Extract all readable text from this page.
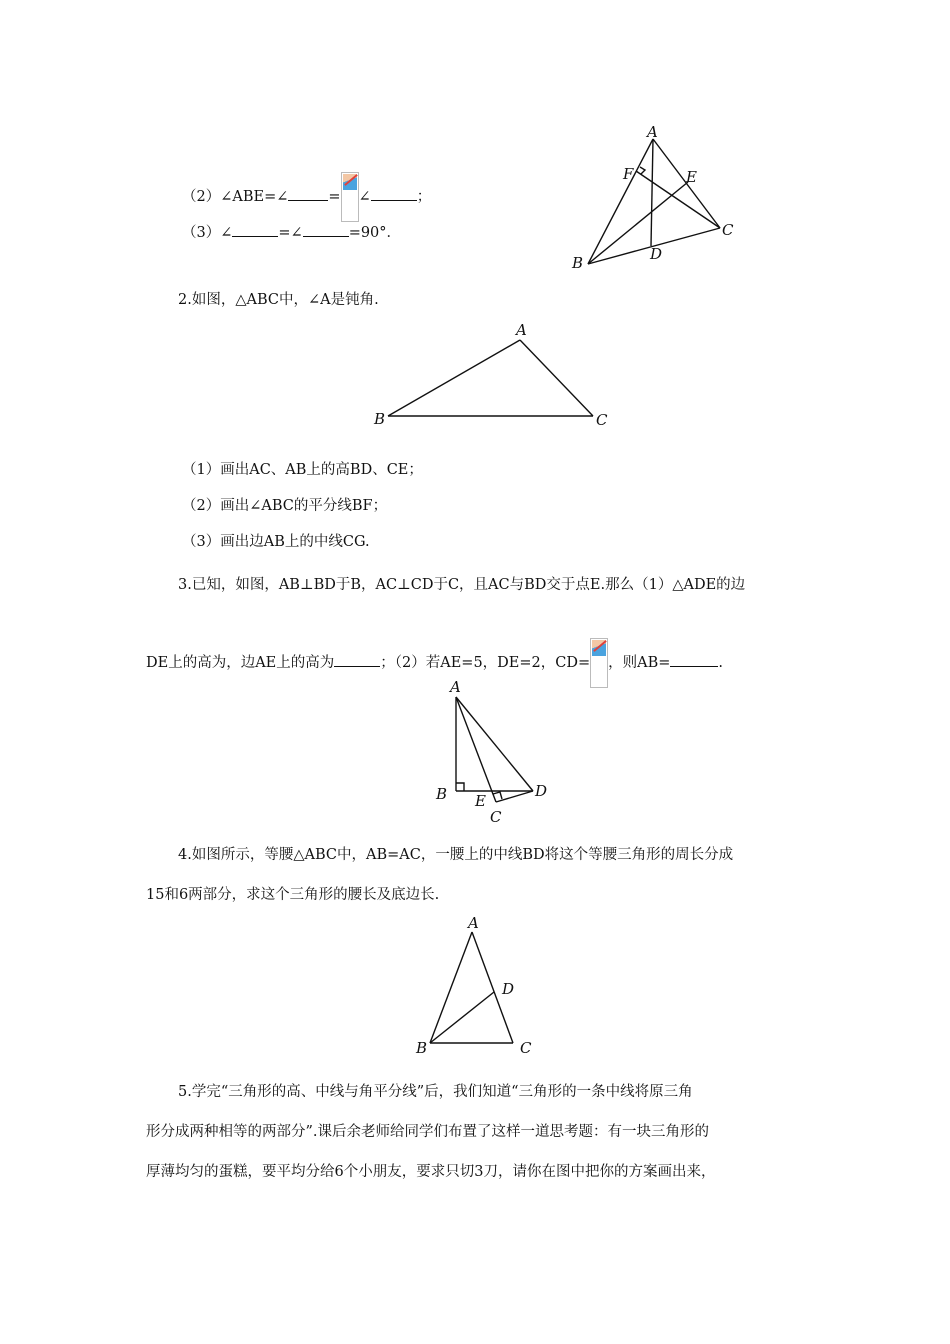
（2）∠ABE=∠	= ∠	；
（3）∠	=∠	=90°．
A
B
C
D
E
F
2.如图，△ABC中，∠A是钝角.
A
B	C
（1）画出AC、AB上的高BD、CE；
（2）画出∠ABC的平分线BF；
（3）画出边AB上的中线CG.
3.已知，如图，AB⊥BD于B，AC⊥CD于C，且AC与BD交于点E.那么（1）△ADE的边
DE上的高为，边AE上的高为	；（2）若AE=5，DE=2，CD= ，则AB=	.
A
B
C
D
E
4.如图所示，等腰△ABC中，AB=AC，一腰上的中线BD将这个等腰三角形的周长分成
15和6两部分，求这个三角形的腰长及底边长.
A
B	C
D
5.学完“三角形的高、中线与角平分线”后，我们知道“三角形的一条中线将原三角
形分成两种相等的两部分”.课后余老师给同学们布置了这样一道思考题：有一块三角形的
厚薄均匀的蛋糕，要平均分给6个小朋友，要求只切3刀，请你在图中把你的方案画出来，
